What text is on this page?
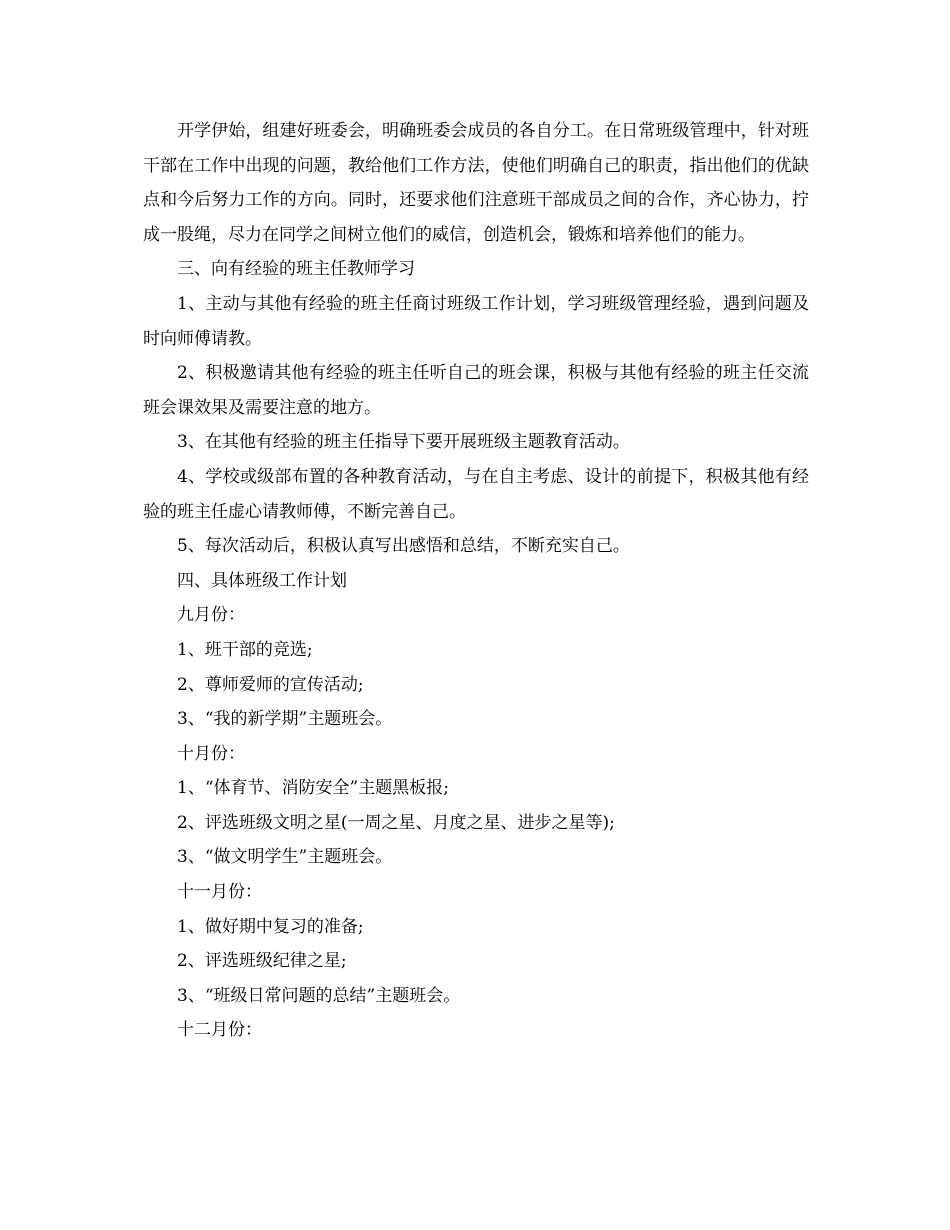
开学伊始，组建好班委会，明确班委会成员的各自分工。在日常班级管理中，针对班干部在工作中出现的问题，教给他们工作方法，使他们明确自己的职责，指出他们的优缺点和今后努力工作的方向。同时，还要求他们注意班干部成员之间的合作，齐心协力，拧成一股绳，尽力在同学之间树立他们的威信，创造机会，锻炼和培养他们的能力。

三、向有经验的班主任教师学习

1、主动与其他有经验的班主任商讨班级工作计划，学习班级管理经验，遇到问题及时向师傅请教。

2、积极邀请其他有经验的班主任听自己的班会课，积极与其他有经验的班主任交流班会课效果及需要注意的地方。

3、在其他有经验的班主任指导下要开展班级主题教育活动。

4、学校或级部布置的各种教育活动，与在自主考虑、设计的前提下，积极其他有经验的班主任虚心请教师傅，不断完善自己。

5、每次活动后，积极认真写出感悟和总结，不断充实自己。

四、具体班级工作计划

九月份：

1、班干部的竞选;

2、尊师爱师的宣传活动;

3、“我的新学期”主题班会。

十月份：

1、“体育节、消防安全”主题黑板报;

2、评选班级文明之星(一周之星、月度之星、进步之星等);

3、“做文明学生”主题班会。

十一月份：

1、做好期中复习的准备;

2、评选班级纪律之星;

3、“班级日常问题的总结”主题班会。

十二月份：
